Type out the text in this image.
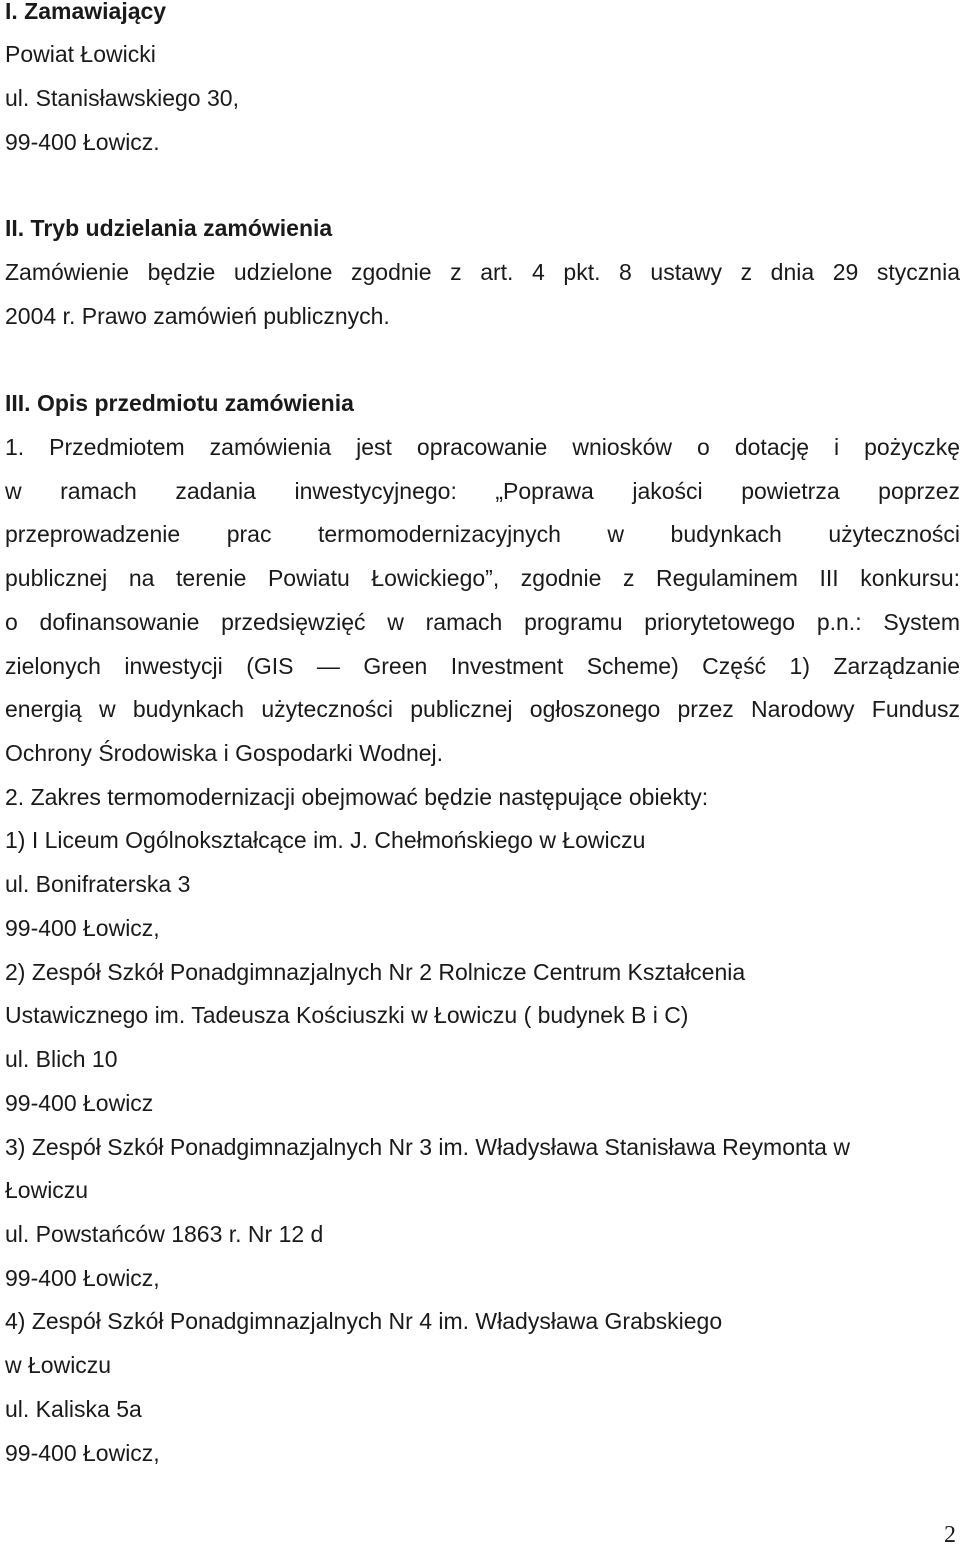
I. Zamawiający
Powiat Łowicki
ul. Stanisławskiego 30,
99-400 Łowicz.
II. Tryb udzielania zamówienia
Zamówienie będzie udzielone zgodnie z art. 4 pkt. 8 ustawy z dnia 29 stycznia
2004 r. Prawo zamówień publicznych.
III. Opis przedmiotu zamówienia
1. Przedmiotem zamówienia jest opracowanie wniosków o dotację i pożyczkę
w ramach zadania inwestycyjnego: „Poprawa jakości powietrza poprzez
przeprowadzenie prac termomodernizacyjnych w budynkach użyteczności
publicznej na terenie Powiatu Łowickiego”, zgodnie z Regulaminem III konkursu:
o dofinansowanie przedsięwzięć w ramach programu priorytetowego p.n.: System
zielonych inwestycji (GIS — Green Investment Scheme) Część 1) Zarządzanie
energią w budynkach użyteczności publicznej ogłoszonego przez Narodowy Fundusz
Ochrony Środowiska i Gospodarki Wodnej.
2. Zakres termomodernizacji obejmować będzie następujące obiekty:
1) I Liceum Ogólnokształcące im. J. Chełmońskiego w Łowiczu
ul. Bonifraterska 3
99-400 Łowicz,
2) Zespół Szkół Ponadgimnazjalnych Nr 2 Rolnicze Centrum Kształcenia
Ustawicznego im. Tadeusza Kościuszki w Łowiczu ( budynek B i C)
ul. Blich 10
99-400 Łowicz
3) Zespół Szkół Ponadgimnazjalnych Nr 3 im. Władysława Stanisława Reymonta w
Łowiczu
ul. Powstańców 1863 r. Nr 12 d
99-400 Łowicz,
4) Zespół Szkół Ponadgimnazjalnych Nr 4 im. Władysława Grabskiego
w Łowiczu
ul. Kaliska 5a
99-400 Łowicz,
2
